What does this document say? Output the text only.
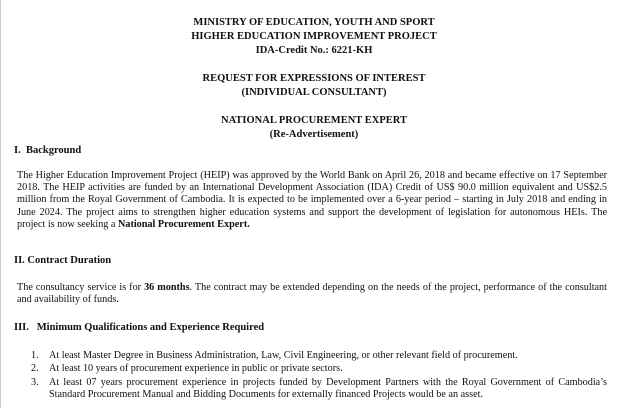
MINISTRY OF EDUCATION, YOUTH AND SPORT
HIGHER EDUCATION IMPROVEMENT PROJECT
IDA-Credit No.: 6221-KH
REQUEST FOR EXPRESSIONS OF INTEREST
(INDIVIDUAL CONSULTANT)
NATIONAL PROCUREMENT EXPERT
(Re-Advertisement)
I.  Background
The Higher Education Improvement Project (HEIP) was approved by the World Bank on April 26, 2018 and became effective on 17 September 2018. The HEIP activities are funded by an International Development Association (IDA) Credit of US$ 90.0 million equivalent and US$2.5 million from the Royal Government of Cambodia. It is expected to be implemented over a 6-year period – starting in July 2018 and ending in June 2024. The project aims to strengthen higher education systems and support the development of legislation for autonomous HEIs. The project is now seeking a National Procurement Expert.
II. Contract Duration
The consultancy service is for 36 months. The contract may be extended depending on the needs of the project, performance of the consultant and availability of funds.
III.   Minimum Qualifications and Experience Required
1. At least Master Degree in Business Administration, Law, Civil Engineering, or other relevant field of procurement.
2. At least 10 years of procurement experience in public or private sectors.
3. At least 07 years procurement experience in projects funded by Development Partners with the Royal Government of Cambodia’s Standard Procurement Manual and Bidding Documents for externally financed Projects would be an asset.
